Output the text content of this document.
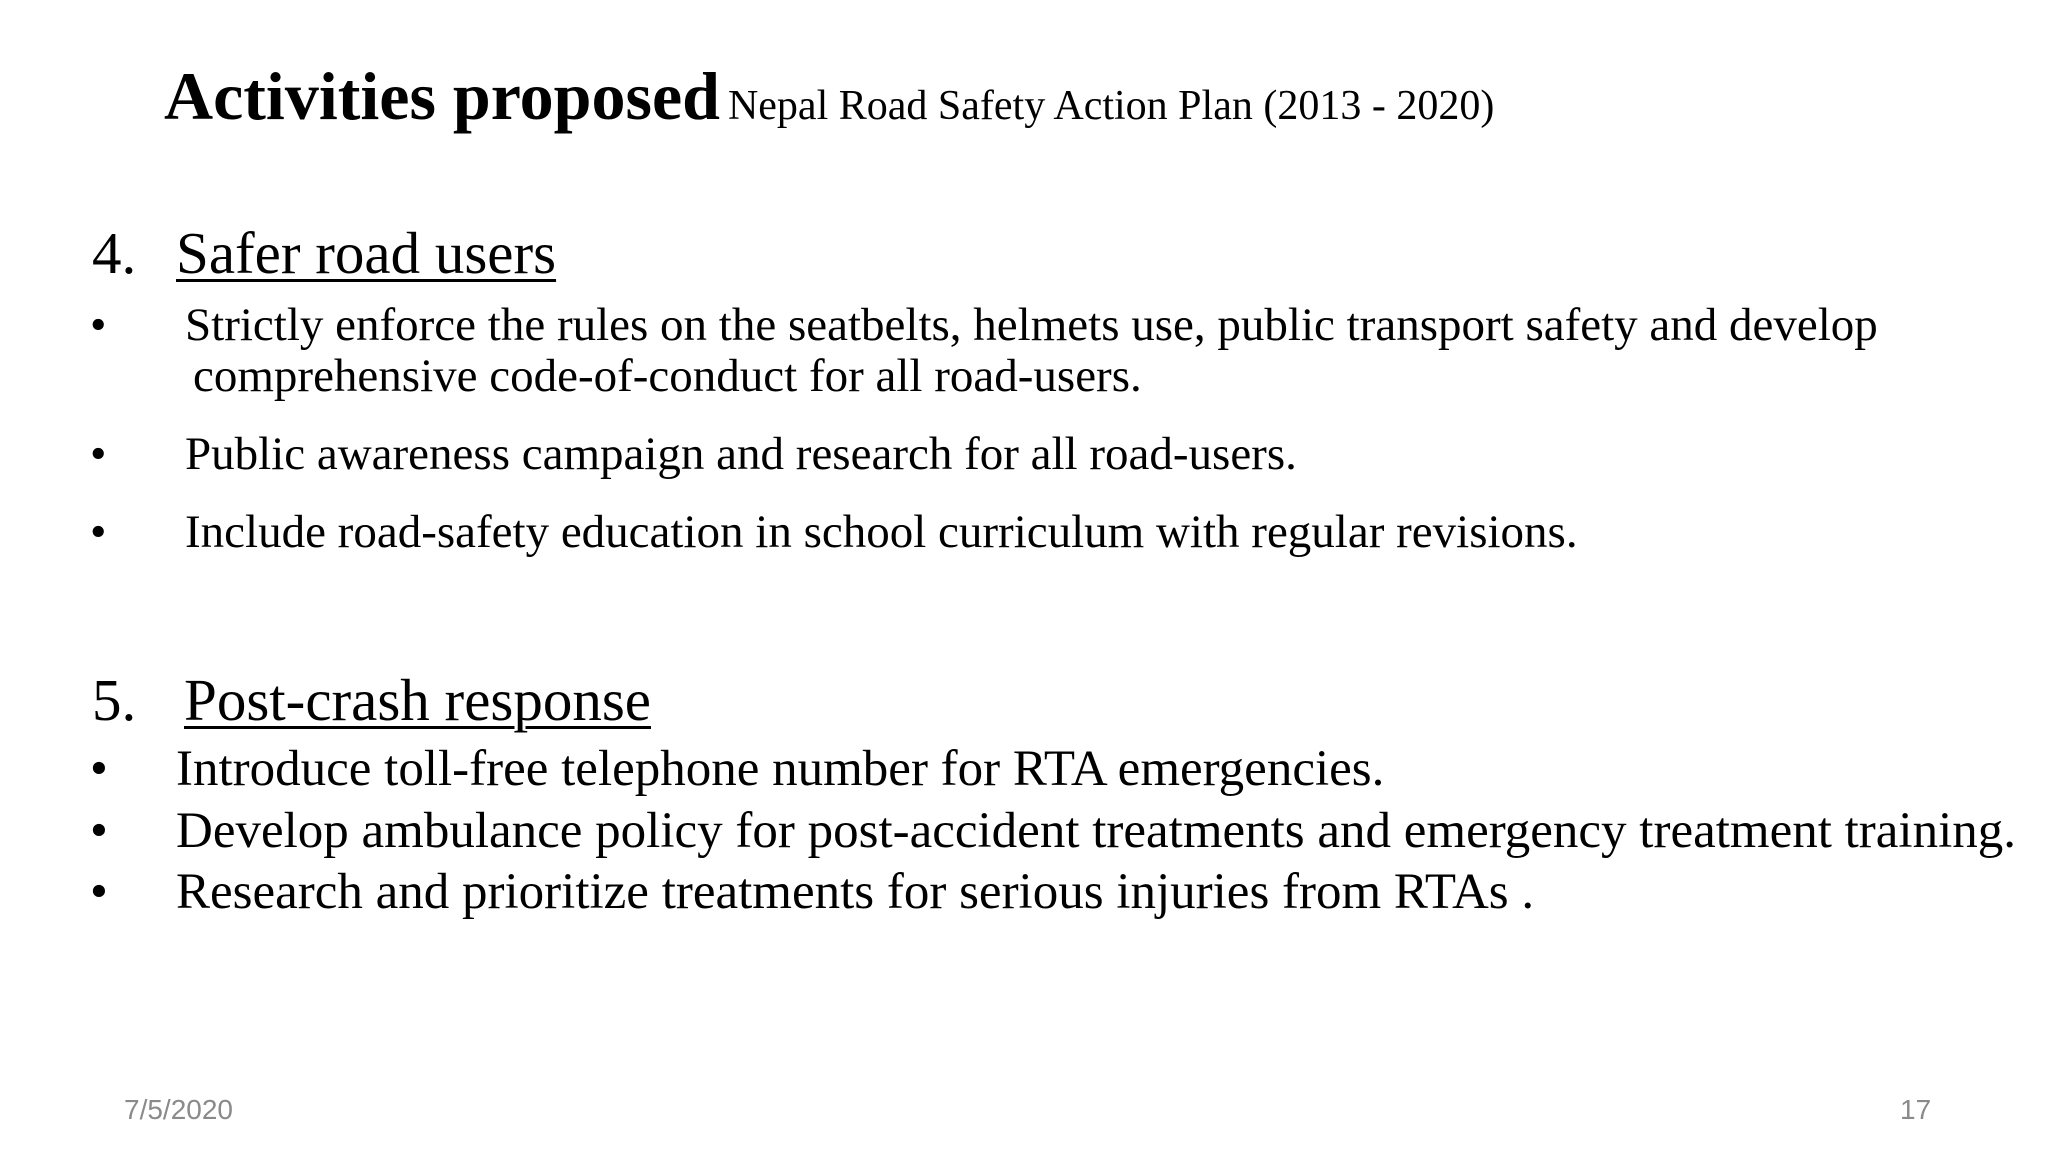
Activities proposed Nepal Road Safety Action Plan (2013 - 2020)
4. Safer road users
• Strictly enforce the rules on the seatbelts, helmets use, public transport safety and develop
comprehensive code-of-conduct for all road-users.
• Public awareness campaign and research for all road-users.
• Include road-safety education in school curriculum with regular revisions.
5. Post-crash response
• Introduce toll-free telephone number for RTA emergencies.
• Develop ambulance policy for post-accident treatments and emergency treatment training.
• Research and prioritize treatments for serious injuries from RTAs .
7/5/2020	17
